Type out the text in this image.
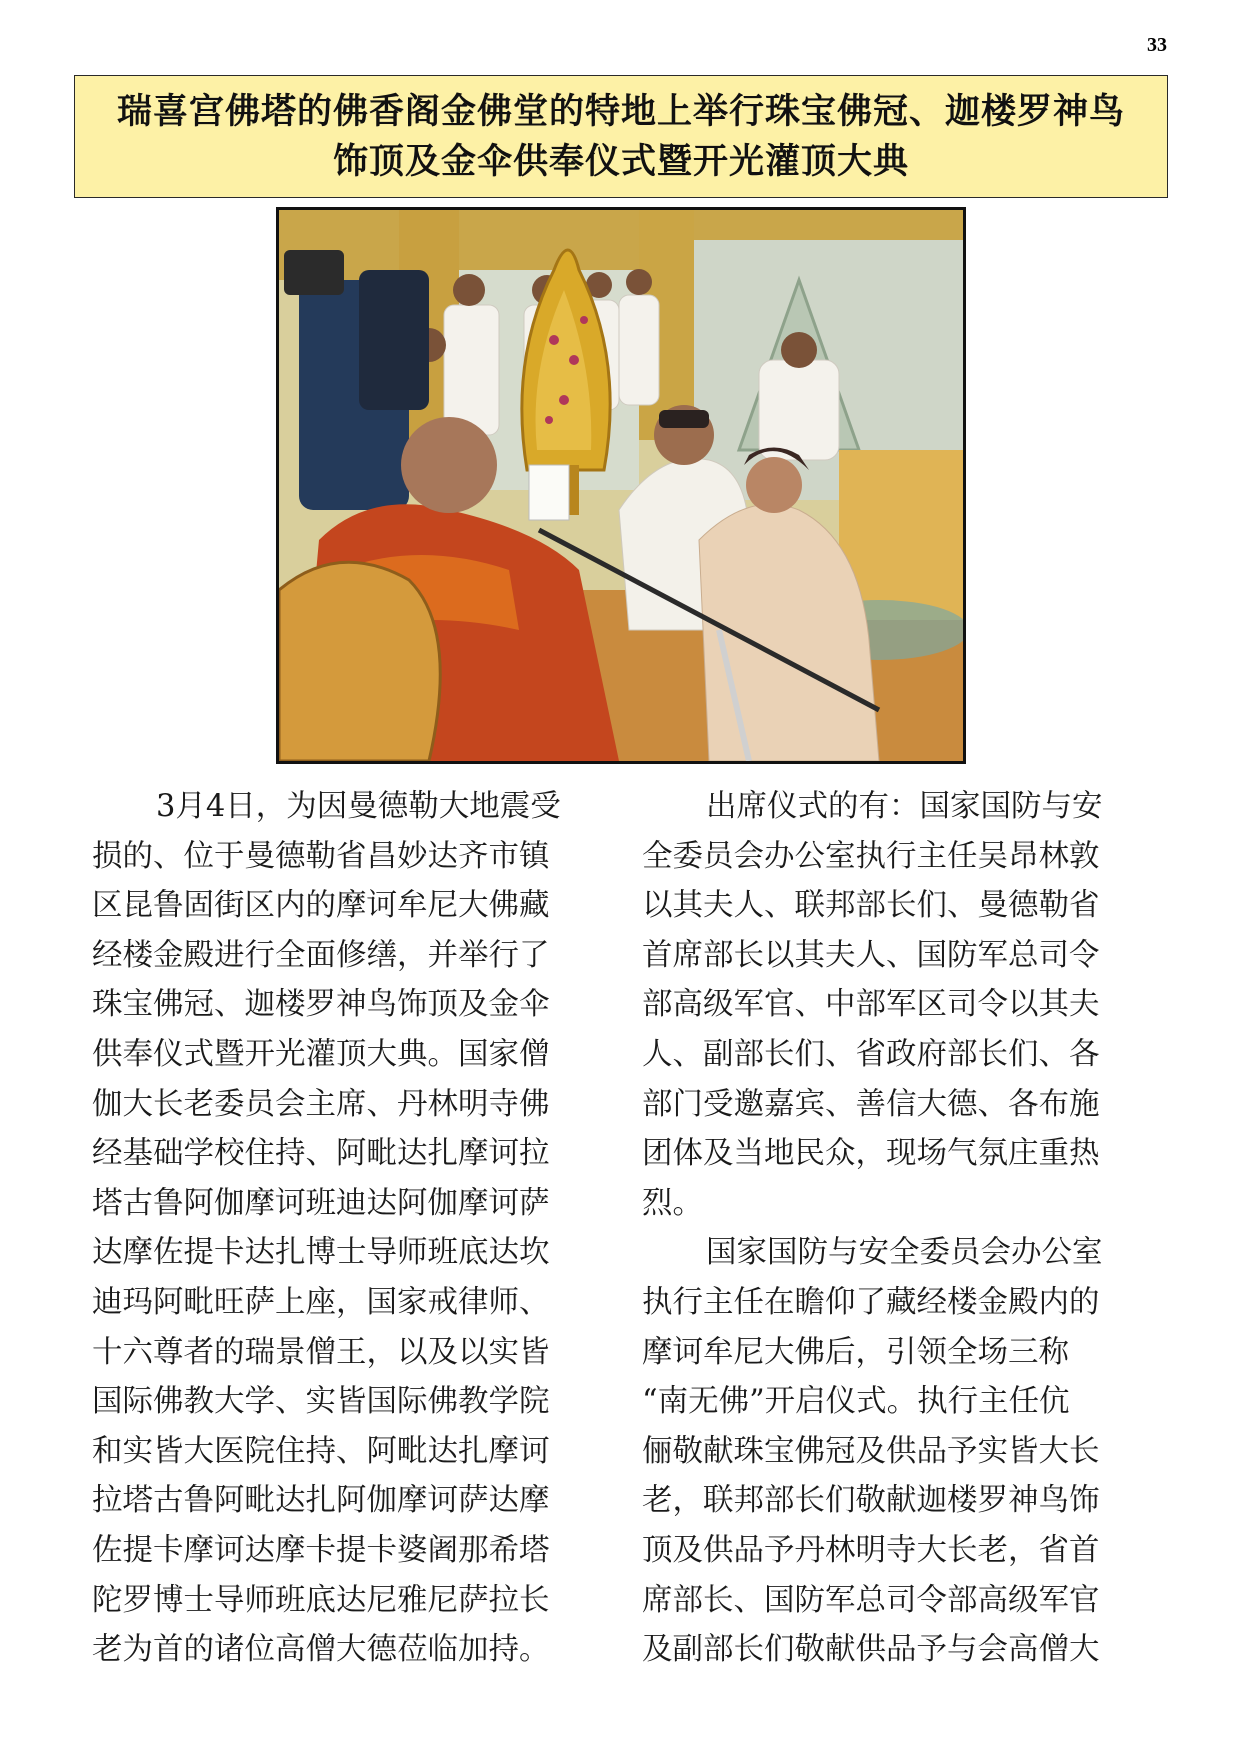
33
瑞喜宫佛塔的佛香阁金佛堂的特地上举行珠宝佛冠、迦楼罗神鸟
饰顶及金伞供奉仪式暨开光灌顶大典
3月4日，为因曼德勒大地震受
损的、位于曼德勒省昌妙达齐市镇
区昆鲁固街区内的摩诃牟尼大佛藏
经楼金殿进行全面修缮，并举行了
珠宝佛冠、迦楼罗神鸟饰顶及金伞
供奉仪式暨开光灌顶大典。国家僧
伽大长老委员会主席、丹林明寺佛
经基础学校住持、阿毗达扎摩诃拉
塔古鲁阿伽摩诃班迪达阿伽摩诃萨
达摩佐提卡达扎博士导师班底达坎
迪玛阿毗旺萨上座，国家戒律师、
十六尊者的瑞景僧王，以及以实皆
国际佛教大学、实皆国际佛教学院
和实皆大医院住持、阿毗达扎摩诃
拉塔古鲁阿毗达扎阿伽摩诃萨达摩
佐提卡摩诃达摩卡提卡婆阇那希塔
陀罗博士导师班底达尼雅尼萨拉长
老为首的诸位高僧大德莅临加持。
出席仪式的有：国家国防与安
全委员会办公室执行主任吴昂林敦
以其夫人、联邦部长们、曼德勒省
首席部长以其夫人、国防军总司令
部高级军官、中部军区司令以其夫
人、副部长们、省政府部长们、各
部门受邀嘉宾、善信大德、各布施
团体及当地民众，现场气氛庄重热
烈。
国家国防与安全委员会办公室
执行主任在瞻仰了藏经楼金殿内的
摩诃牟尼大佛后，引领全场三称
“南无佛”开启仪式。执行主任伉
俪敬献珠宝佛冠及供品予实皆大长
老，联邦部长们敬献迦楼罗神鸟饰
顶及供品予丹林明寺大长老，省首
席部长、国防军总司令部高级军官
及副部长们敬献供品予与会高僧大
